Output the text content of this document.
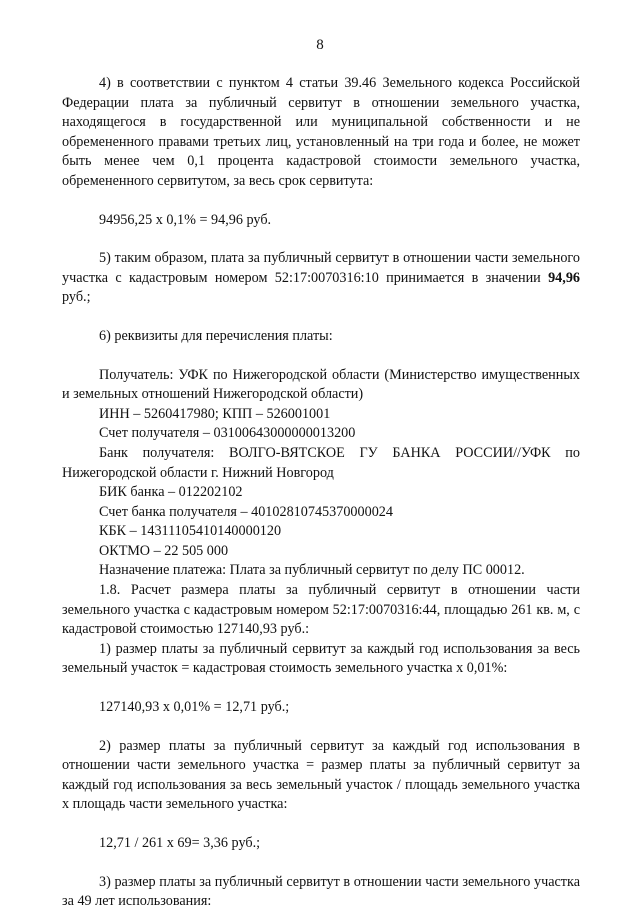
8

4) в соответствии с пунктом 4 статьи 39.46 Земельного кодекса Российской Федерации плата за публичный сервитут в отношении земельного участка, находящегося в государственной или муниципальной собственности и не обремененного правами третьих лиц, установленный на три года и более, не может быть менее чем 0,1 процента кадастровой стоимости земельного участка, обремененного сервитутом, за весь срок сервитута:

94956,25 х 0,1% = 94,96 руб.

5) таким образом, плата за публичный сервитут в отношении части земельного участка с кадастровым номером 52:17:0070316:10 принимается в значении 94,96 руб.;

6) реквизиты для перечисления платы:

Получатель: УФК по Нижегородской области (Министерство имущественных и земельных отношений Нижегородской области)

ИНН – 5260417980; КПП – 526001001

Счет получателя – 03100643000000013200

Банк получателя: ВОЛГО-ВЯТСКОЕ ГУ БАНКА РОССИИ//УФК по Нижегородской области г. Нижний Новгород

БИК банка – 012202102

Счет банка получателя – 40102810745370000024

КБК – 14311105410140000120

ОКТМО – 22 505 000

Назначение платежа: Плата за публичный сервитут по делу ПС 00012.

1.8. Расчет размера платы за публичный сервитут в отношении части земельного участка с кадастровым номером 52:17:0070316:44, площадью 261 кв. м, с кадастровой стоимостью 127140,93 руб.:

1) размер платы за публичный сервитут за каждый год использования за весь земельный участок = кадастровая стоимость земельного участка х 0,01%:

127140,93 х 0,01% = 12,71 руб.;

2) размер платы за публичный сервитут за каждый год использования в отношении части земельного участка = размер платы за публичный сервитут за каждый год использования за весь земельный участок / площадь земельного участка х площадь части земельного участка:

12,71 / 261 х 69= 3,36 руб.;

3) размер платы за публичный сервитут в отношении части земельного участка за 49 лет использования:
